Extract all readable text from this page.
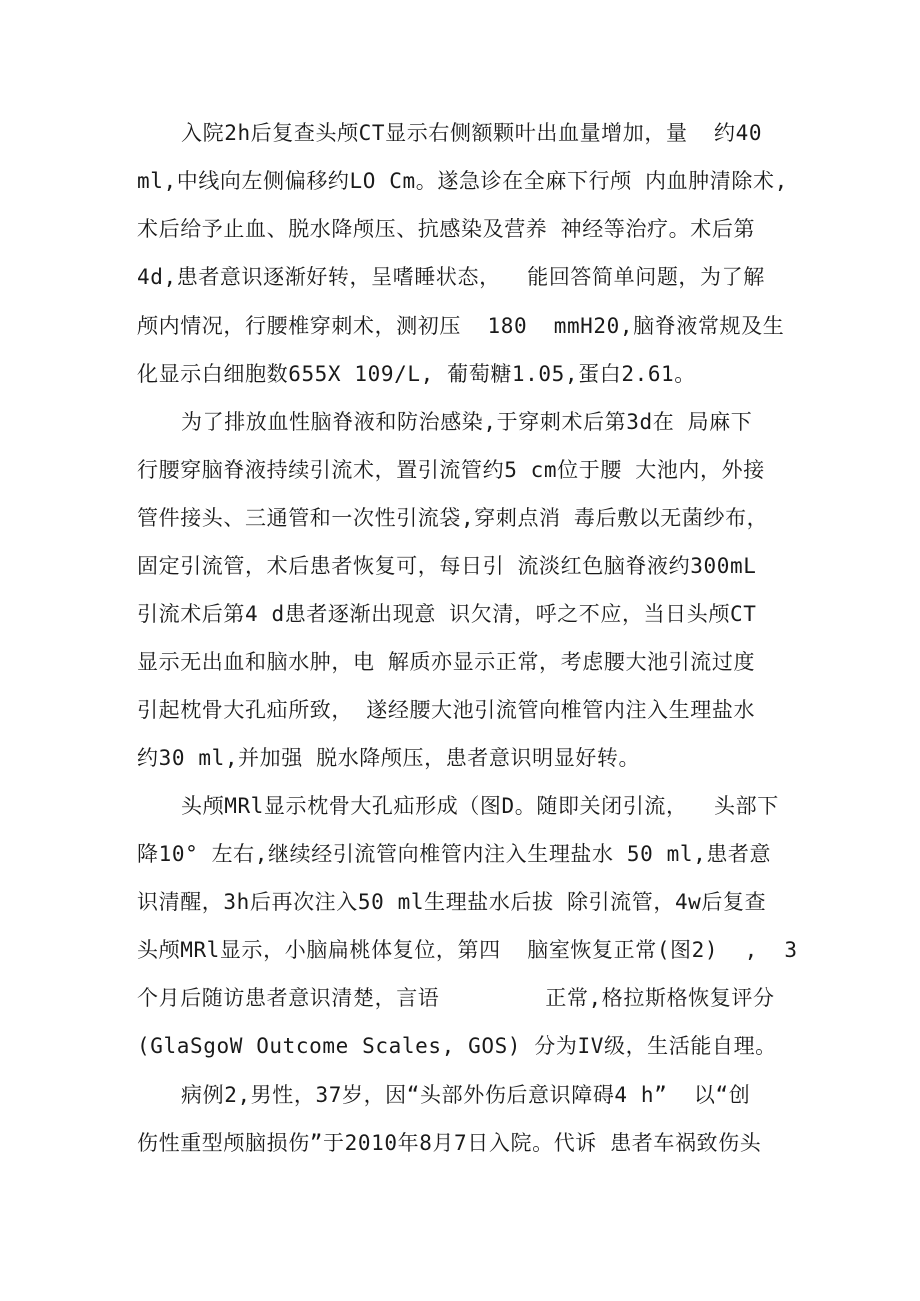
入院2h后复查头颅CT显示右侧额颗叶出血量增加，量  约40
ml,中线向左侧偏移约LO Cm。遂急诊在全麻下行颅 内血肿清除术,
术后给予止血、脱水降颅压、抗感染及营养 神经等治疗。术后第
4d,患者意识逐渐好转，呈嗜睡状态，  能回答简单问题，为了解
颅内情况，行腰椎穿刺术，测初压  180  mmH20,脑脊液常规及生
化显示白细胞数655X 109/L, 葡萄糖1.05,蛋白2.61。
为了排放血性脑脊液和防治感染,于穿刺术后第3d在 局麻下
行腰穿脑脊液持续引流术，置引流管约5 cm位于腰 大池内，外接
管件接头、三通管和一次性引流袋,穿刺点消 毒后敷以无菌纱布，
固定引流管，术后患者恢复可，每日引 流淡红色脑脊液约300mL
引流术后第4 d患者逐渐出现意 识欠清，呼之不应，当日头颅CT
显示无出血和脑水肿，电 解质亦显示正常，考虑腰大池引流过度
引起枕骨大孔疝所致， 遂经腰大池引流管向椎管内注入生理盐水
约30 ml,并加强 脱水降颅压，患者意识明显好转。
头颅MRl显示枕骨大孔疝形成（图D。随即关闭引流，  头部下
降10° 左右,继续经引流管向椎管内注入生理盐水 50 ml,患者意
识清醒，3h后再次注入50 ml生理盐水后拔 除引流管，4w后复查
头颅MRl显示，小脑扁桃体复位，第四  脑室恢复正常(图2)  ,  3
个月后随访患者意识清楚，言语        正常,格拉斯格恢复评分
(GlaSgoW Outcome Scales, GOS) 分为IV级，生活能自理。
病例2,男性，37岁，因“头部外伤后意识障碍4 h”  以“创
伤性重型颅脑损伤”于2010年8月7日入院。代诉 患者车祸致伤头
